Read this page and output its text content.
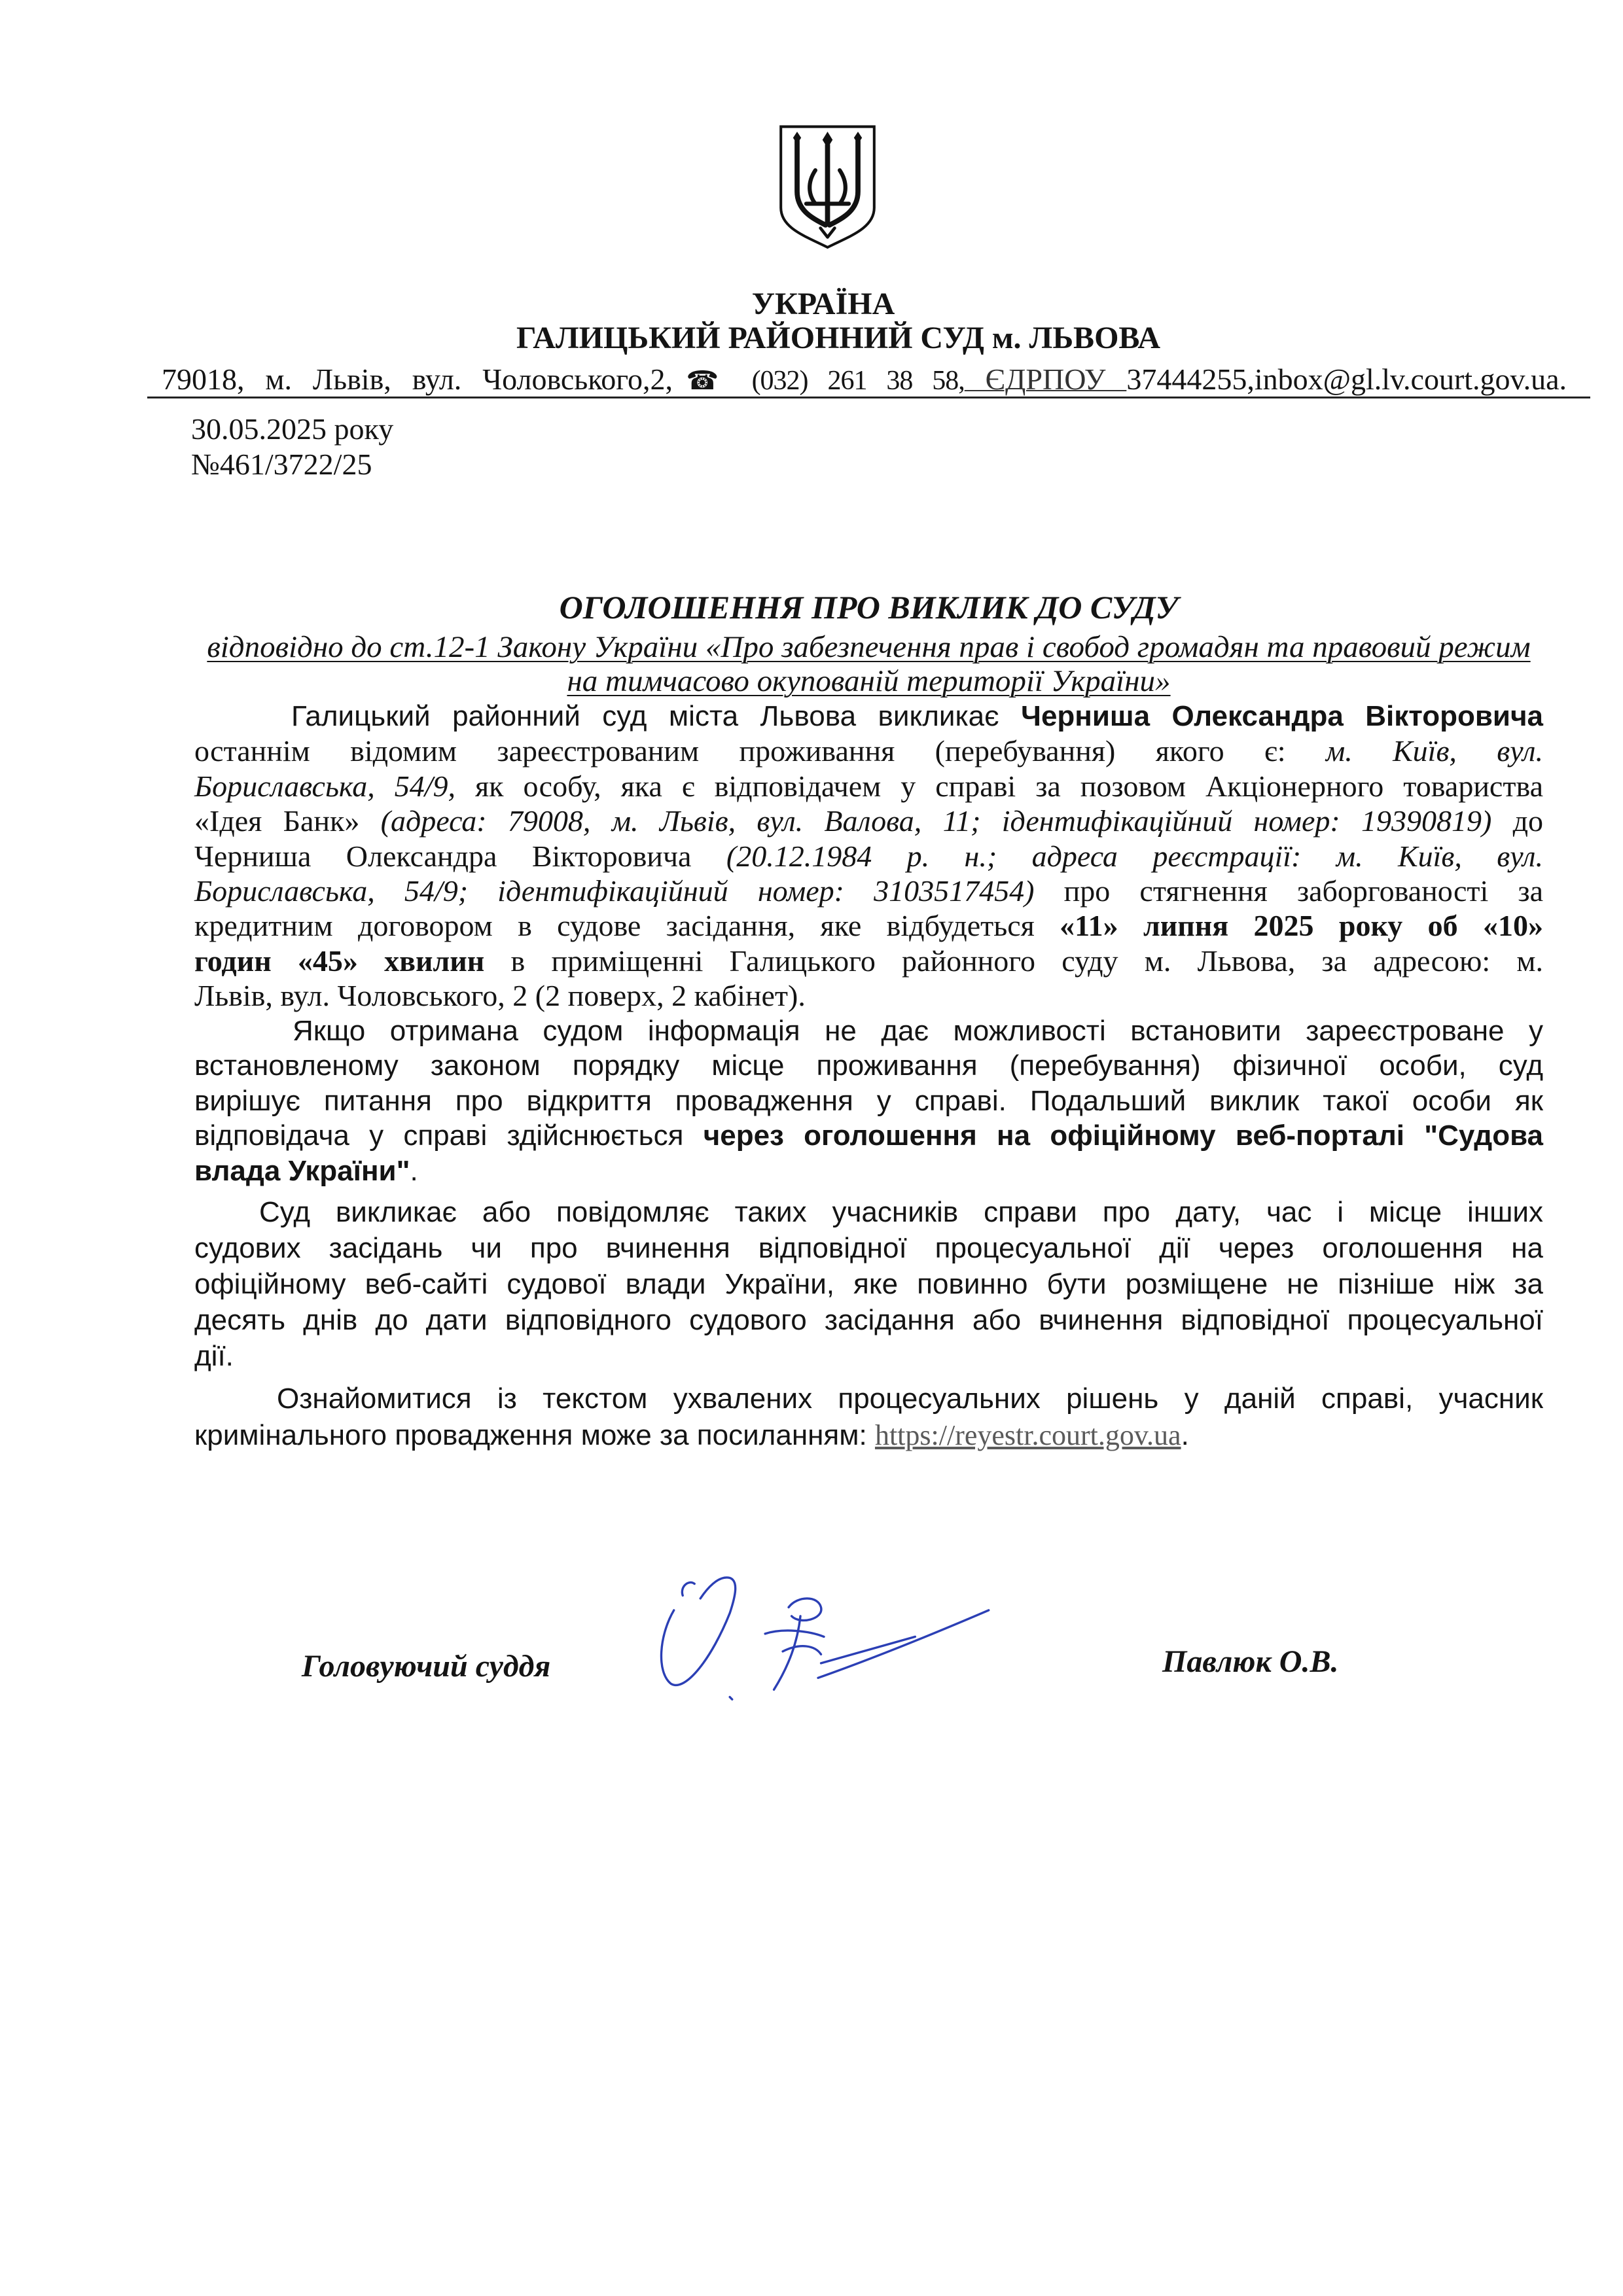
УКРАЇНА
ГАЛИЦЬКИЙ РАЙОННИЙ СУД м. ЛЬВОВА
79018, м. Львів, вул. Чоловського,2,☎ (032) 261 38 58, ЄДРПОУ 37444255,inbox@gl.lv.court.gov.ua.
30.05.2025 року
№461/3722/25
ОГОЛОШЕННЯ ПРО ВИКЛИК ДО СУДУ
відповідно до ст.12-1 Закону України «Про забезпечення прав і свобод громадян та правовий режим
на тимчасово окупованій території України»
Галицький районний суд міста Львова викликає Черниша Олександра Вікторовича
останнім відомим зареєстрованим проживання (перебування) якого є: м. Київ, вул.
Бориславська, 54/9, як особу, яка є відповідачем у справі за позовом Акціонерного товариства
«Ідея Банк» (адреса: 79008, м. Львів, вул. Валова, 11; ідентифікаційний номер: 19390819) до
Черниша Олександра Вікторовича (20.12.1984 р. н.; адреса реєстрації: м. Київ, вул.
Бориславська, 54/9; ідентифікаційний номер: 3103517454) про стягнення заборгованості за
кредитним договором в судове засідання, яке відбудеться «11» липня 2025 року об «10»
годин «45» хвилин в приміщенні Галицького районного суду м. Львова, за адресою: м.
Львів, вул. Чоловського, 2 (2 поверх, 2 кабінет).
Якщо отримана судом інформація не дає можливості встановити зареєстроване у
встановленому законом порядку місце проживання (перебування) фізичної особи, суд
вирішує питання про відкриття провадження у справі. Подальший виклик такої особи як
відповідача у справі здійснюється через оголошення на офіційному веб-порталі "Судова
влада України".
Суд викликає або повідомляє таких учасників справи про дату, час і місце інших
судових засідань чи про вчинення відповідної процесуальної дії через оголошення на
офіційному веб-сайті судової влади України, яке повинно бути розміщене не пізніше ніж за
десять днів до дати відповідного судового засідання або вчинення відповідної процесуальної
дії.
Ознайомитися із текстом ухвалених процесуальних рішень у даній справі, учасник
кримінального провадження може за посиланням: https://reyestr.court.gov.ua.
Головуючий суддя	Павлюк О.В.
